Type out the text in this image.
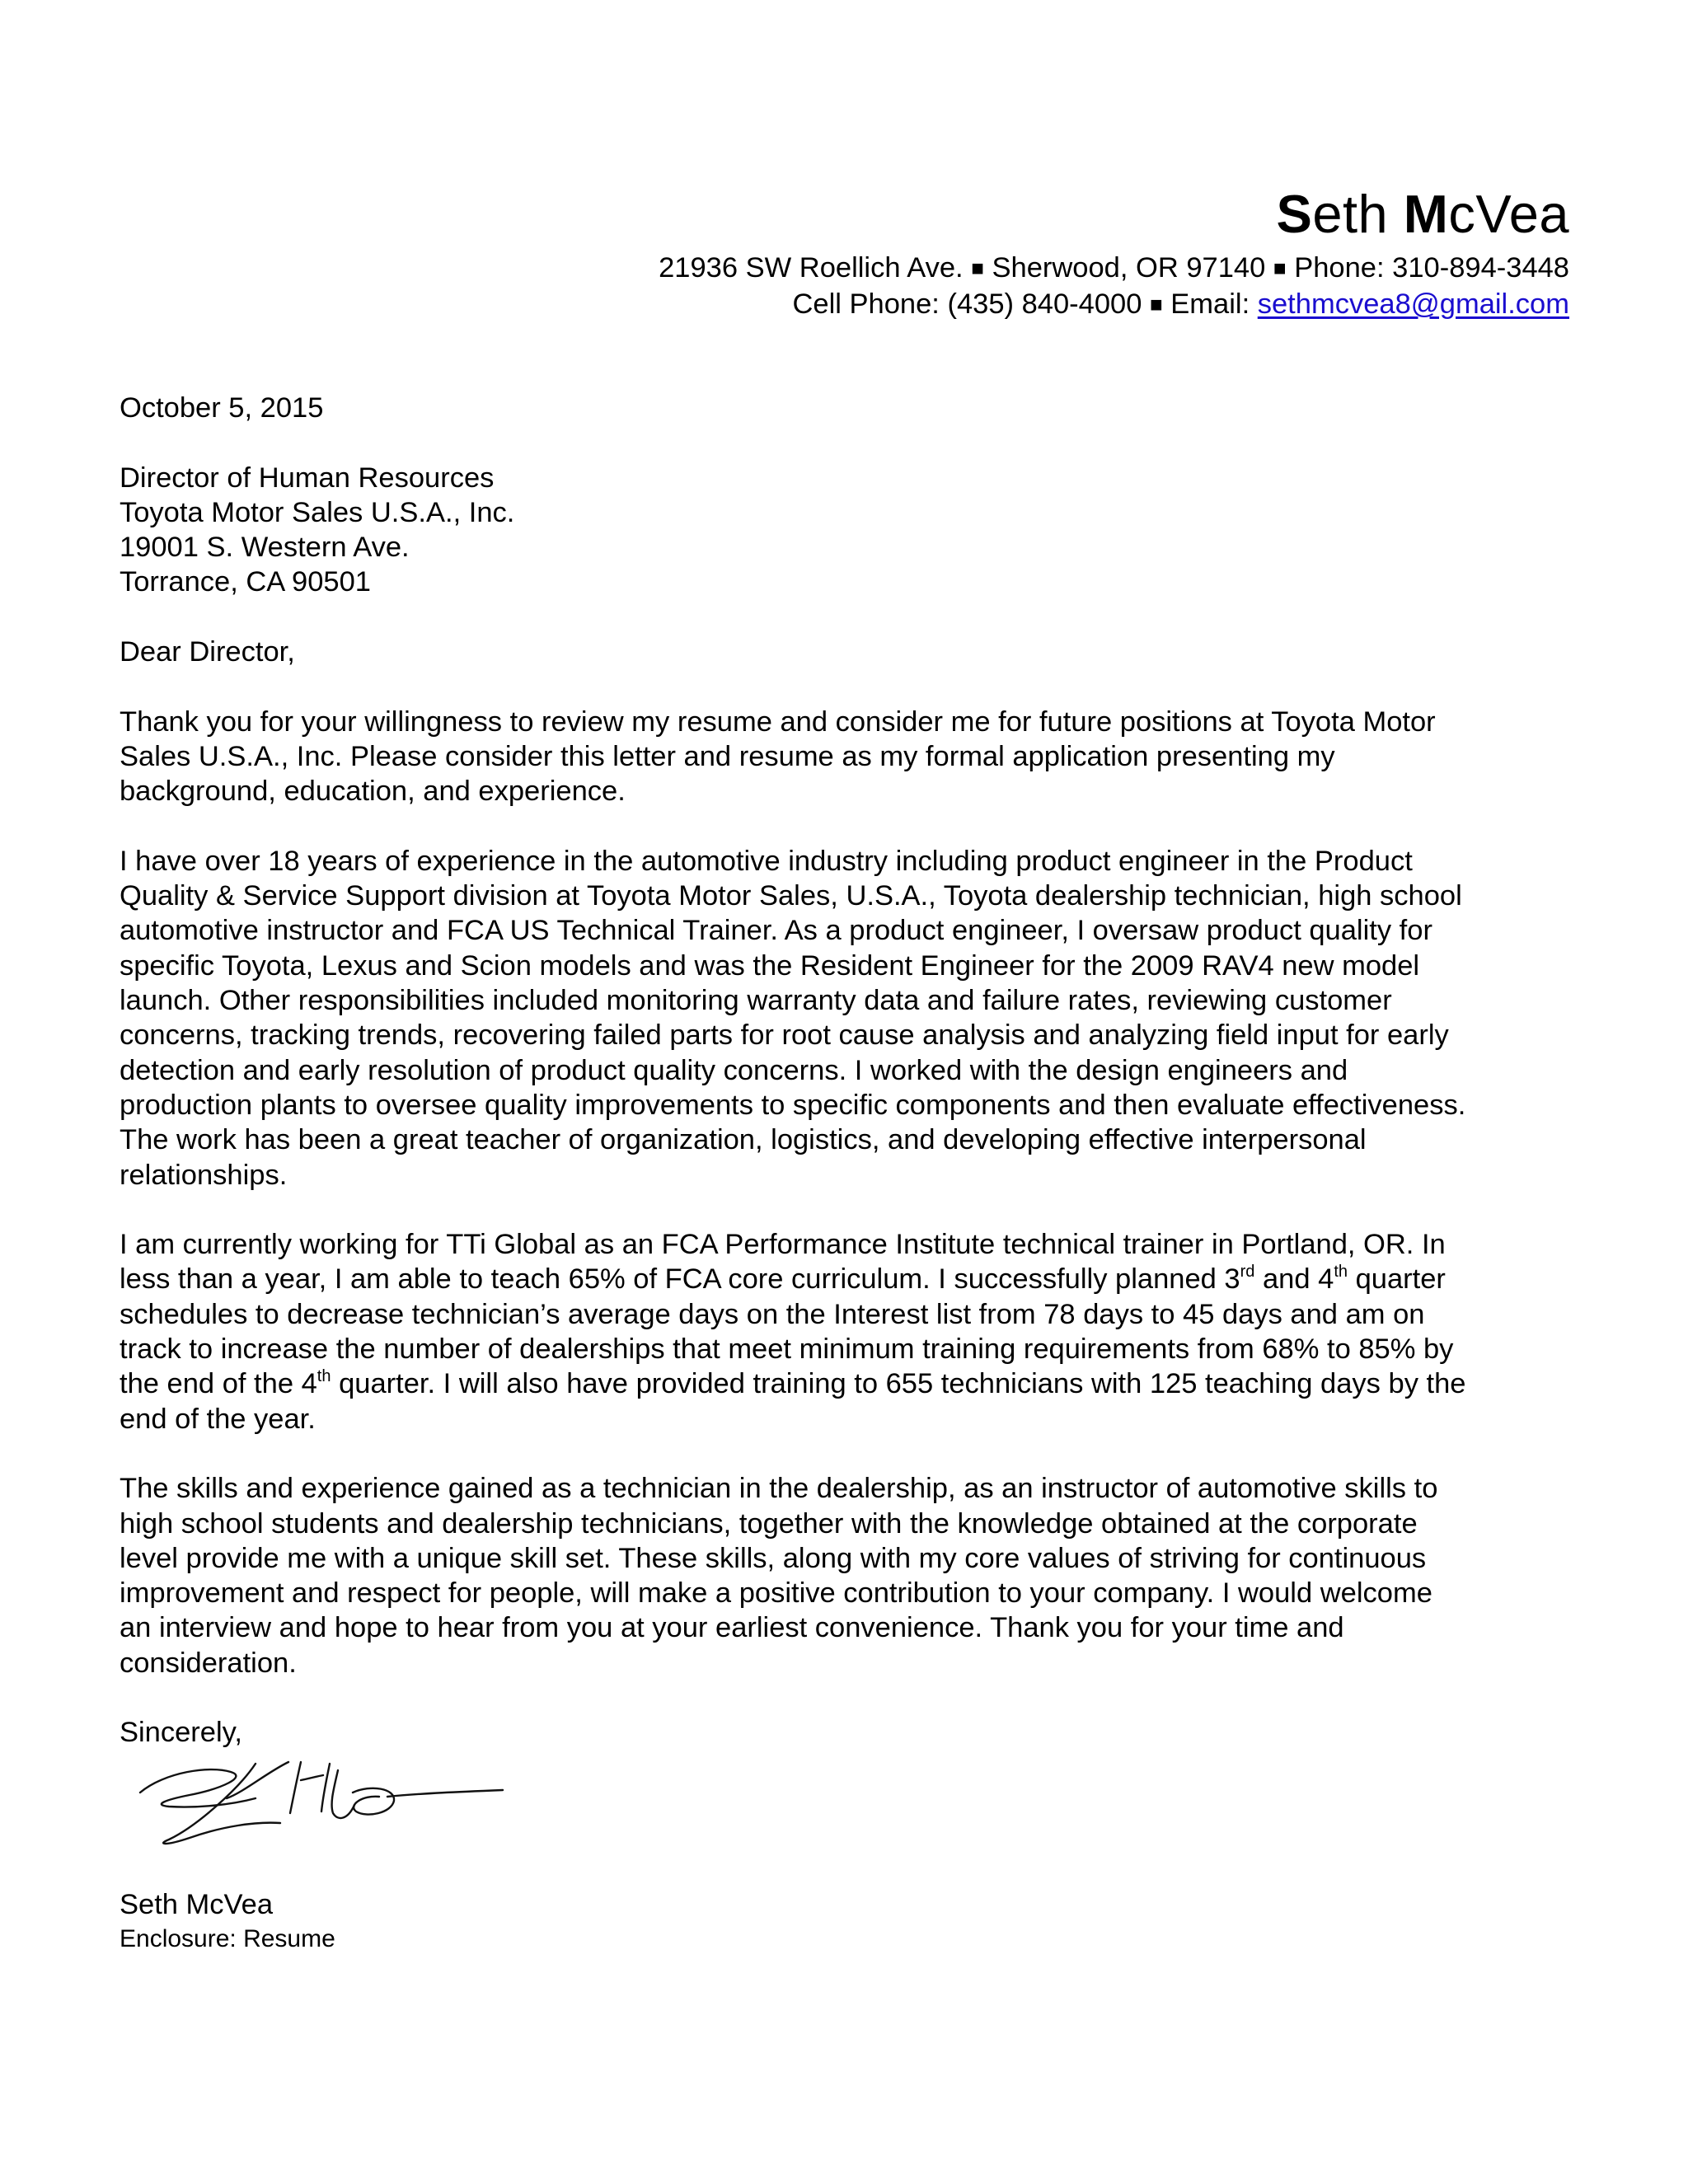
Seth McVea
21936 SW Roellich Ave. ■ Sherwood, OR 97140 ■ Phone: 310-894-3448
Cell Phone: (435) 840-4000 ■ Email: sethmcvea8@gmail.com

October 5, 2015

Director of Human Resources
Toyota Motor Sales U.S.A., Inc.
19001 S. Western Ave.
Torrance, CA 90501

Dear Director,

Thank you for your willingness to review my resume and consider me for future positions at Toyota Motor
Sales U.S.A., Inc. Please consider this letter and resume as my formal application presenting my
background, education, and experience.

I have over 18 years of experience in the automotive industry including product engineer in the Product
Quality & Service Support division at Toyota Motor Sales, U.S.A., Toyota dealership technician, high school
automotive instructor and FCA US Technical Trainer. As a product engineer, I oversaw product quality for
specific Toyota, Lexus and Scion models and was the Resident Engineer for the 2009 RAV4 new model
launch. Other responsibilities included monitoring warranty data and failure rates, reviewing customer
concerns, tracking trends, recovering failed parts for root cause analysis and analyzing field input for early
detection and early resolution of product quality concerns. I worked with the design engineers and
production plants to oversee quality improvements to specific components and then evaluate effectiveness.
The work has been a great teacher of organization, logistics, and developing effective interpersonal
relationships.

I am currently working for TTi Global as an FCA Performance Institute technical trainer in Portland, OR. In
less than a year, I am able to teach 65% of FCA core curriculum. I successfully planned 3rd and 4th quarter
schedules to decrease technician’s average days on the Interest list from 78 days to 45 days and am on
track to increase the number of dealerships that meet minimum training requirements from 68% to 85% by
the end of the 4th quarter. I will also have provided training to 655 technicians with 125 teaching days by the
end of the year.

The skills and experience gained as a technician in the dealership, as an instructor of automotive skills to
high school students and dealership technicians, together with the knowledge obtained at the corporate
level provide me with a unique skill set. These skills, along with my core values of striving for continuous
improvement and respect for people, will make a positive contribution to your company. I would welcome
an interview and hope to hear from you at your earliest convenience. Thank you for your time and
consideration.

Sincerely,

Seth McVea
Enclosure: Resume
